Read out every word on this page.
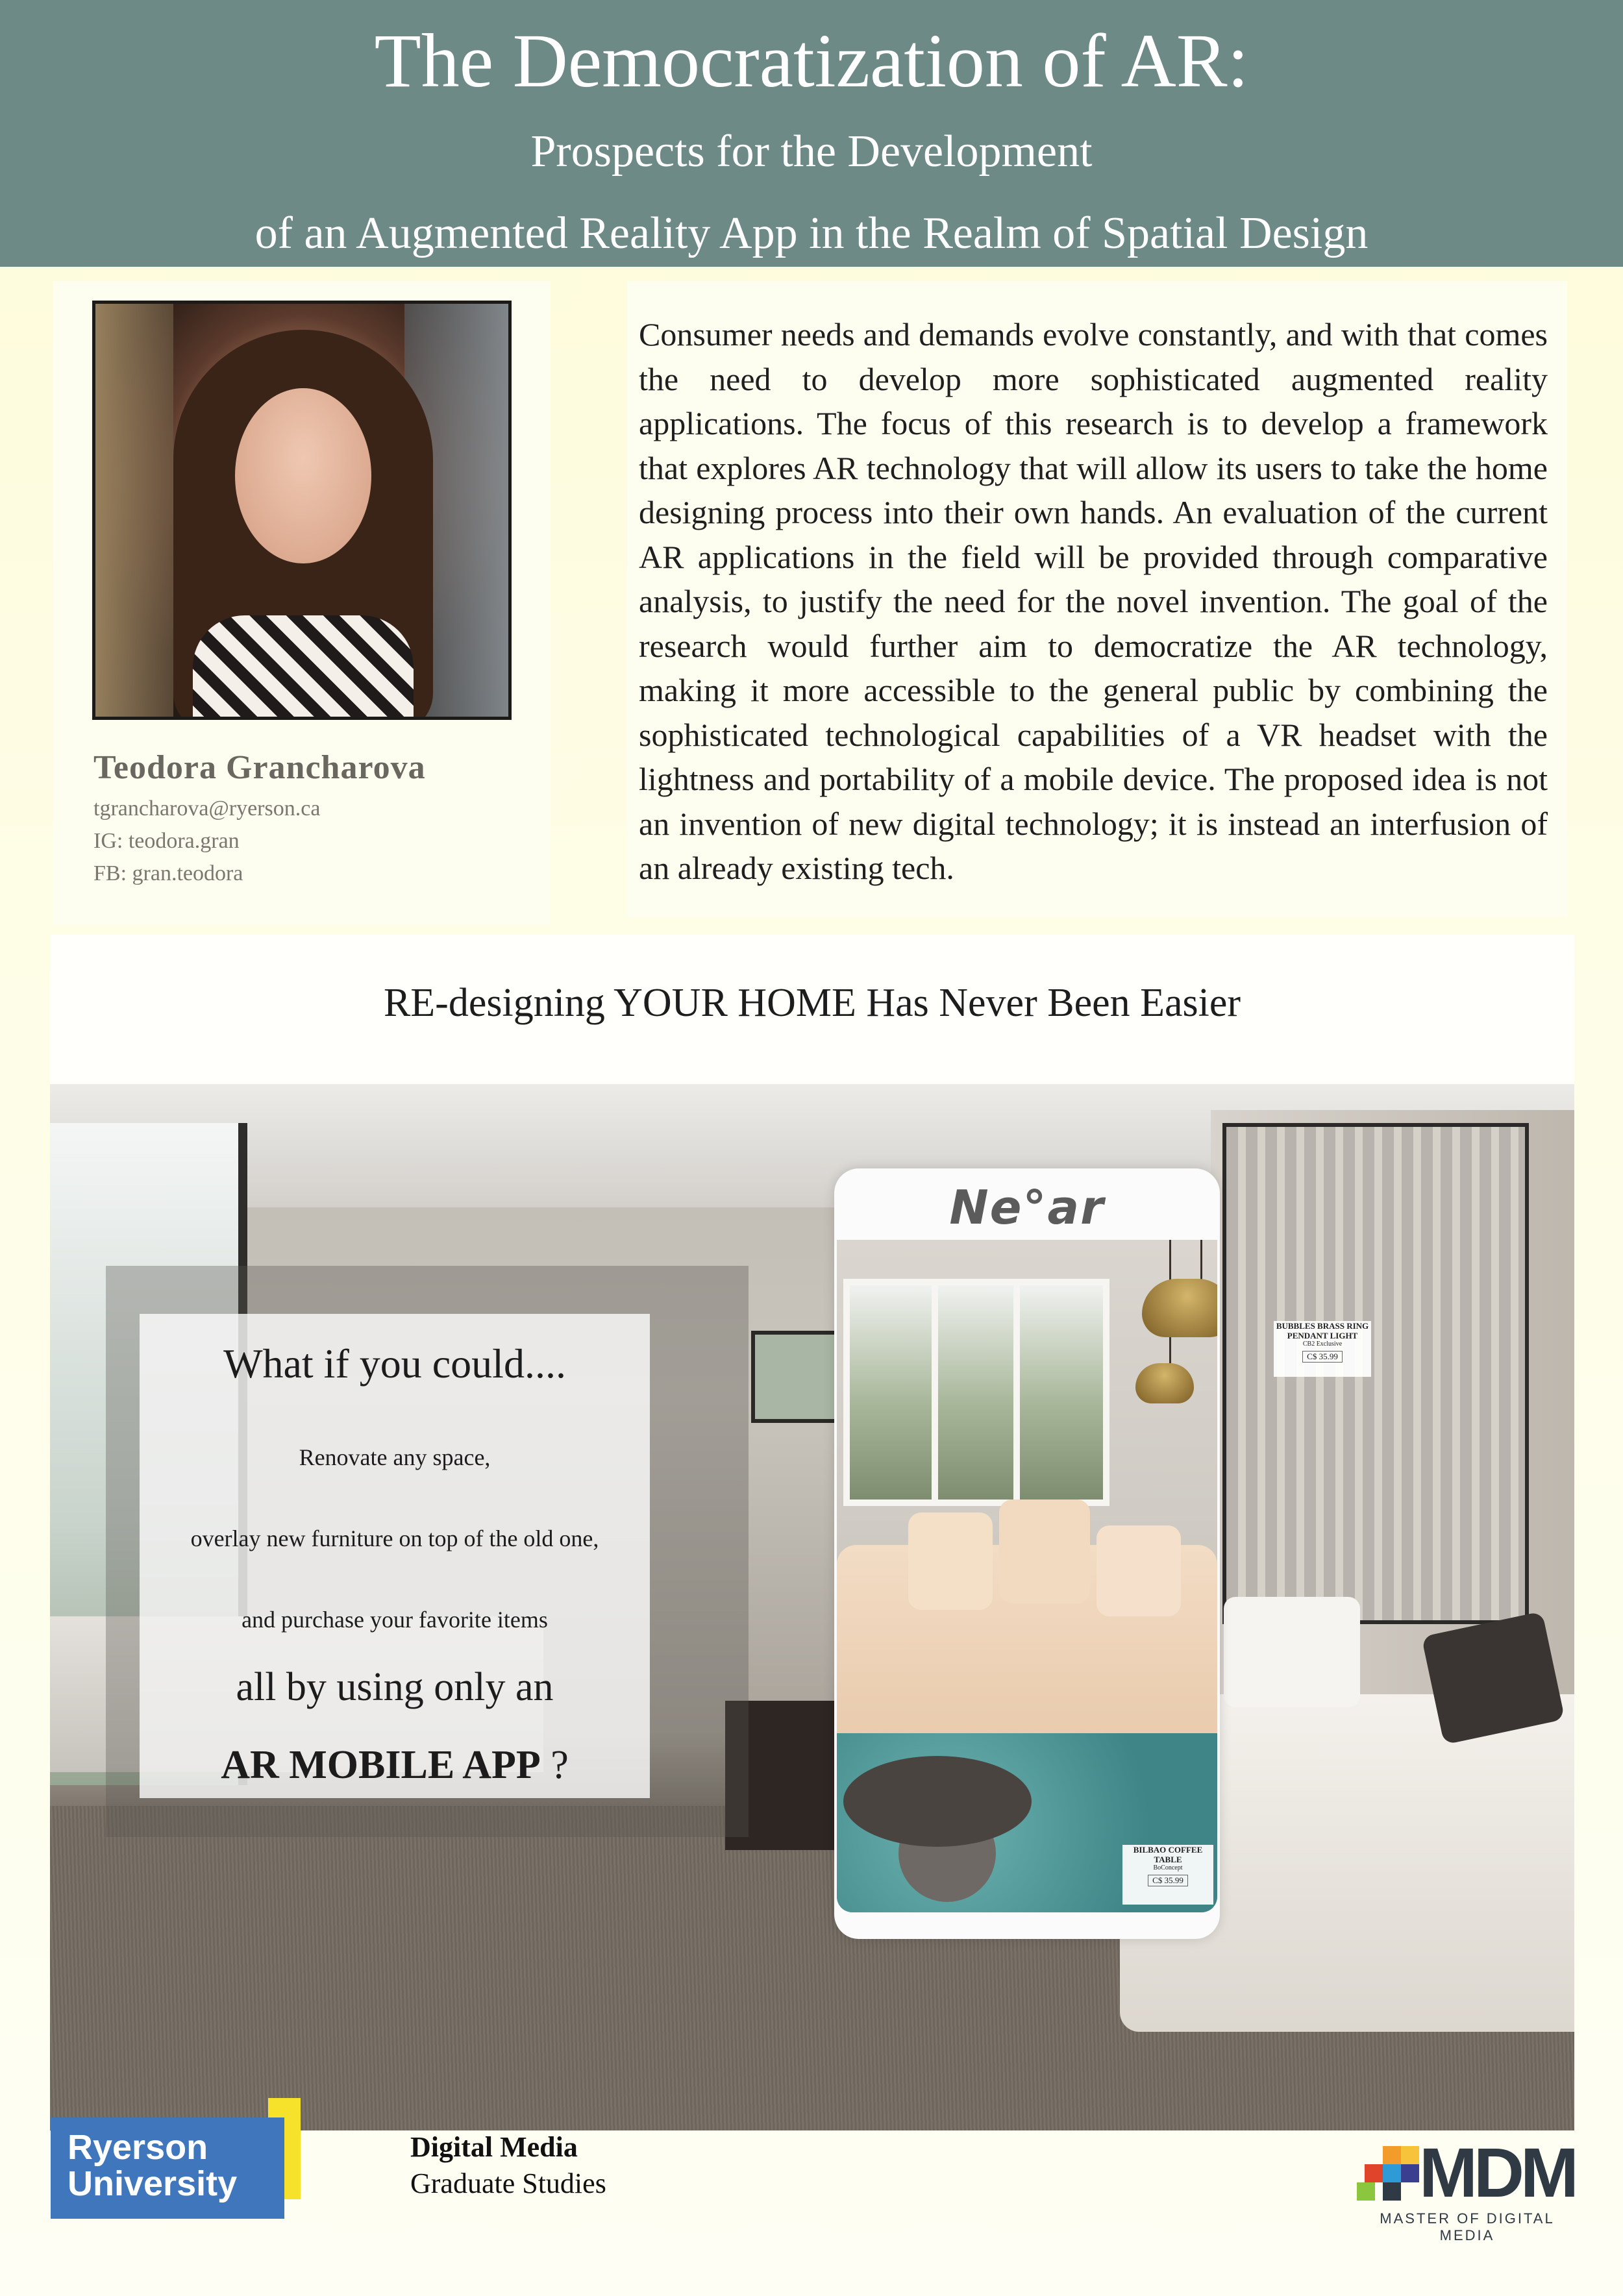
The Democratization of AR:
Prospects for the Development
of an Augmented Reality App in the Realm of Spatial Design
Teodora Grancharova
tgrancharova@ryerson.ca
IG: teodora.gran
FB: gran.teodora

Consumer needs and demands evolve constantly, and with that comes the need to develop more sophisticated augmented reality applications. The focus of this research is to develop a framework that explores AR technology that will allow its users to take the home designing process into their own hands. An evaluation of the current AR applications in the field will be provided through comparative analysis, to justify the need for the novel invention. The goal of the research would further aim to democratize the AR technology, making it more accessible to the general public by combining the sophisticated technological capabilities of a VR headset with the lightness and portability of a mobile device. The proposed idea is not an invention of new digital technology; it is instead an interfusion of an already existing tech.

RE-designing YOUR HOME Has Never Been Easier
What if you could....
Renovate any space,
overlay new furniture on top of the old one,
and purchase your favorite items
all by using only an
AR MOBILE APP ?
Ne°ar
BILBAO COFFEE TABLE
BoConcept
C$ 35.99
BUBBLES BRASS RING
PENDANT LIGHT
CB2 Exclusive
C$ 35.99
Ryerson
University
Digital Media
Graduate Studies	MDM
MASTER OF DIGITAL MEDIA
